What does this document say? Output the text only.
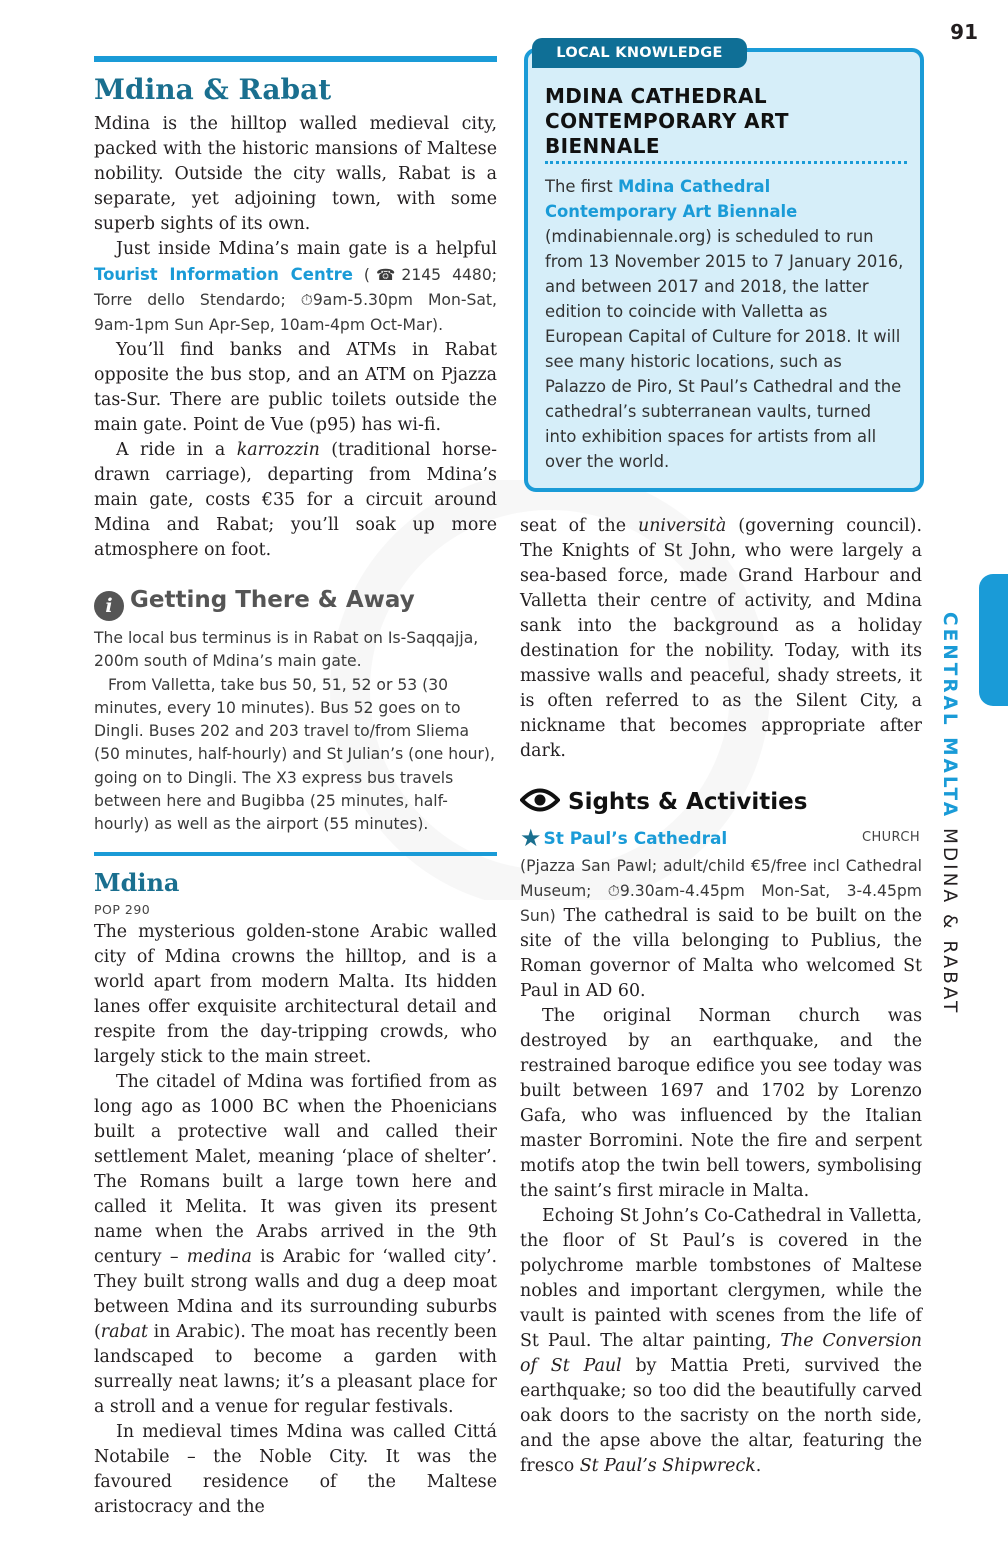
91
Mdina & Rabat

Mdina is the hilltop walled medieval city, packed with the historic mansions of Maltese nobility. Outside the city walls, Rabat is a separate, yet adjoining town, with some superb sights of its own.

Just inside Mdina’s main gate is a helpful Tourist Information Centre (☎2145 4480; Torre dello Stendardo; ⏱9am-5.30pm Mon-Sat, 9am-1pm Sun Apr-Sep, 10am-4pm Oct-Mar).

You’ll find banks and ATMs in Rabat opposite the bus stop, and an ATM on Pjazza tas-Sur. There are public toilets outside the main gate. Point de Vue (p95) has wi-fi.

A ride in a karrozzin (traditional horse-drawn carriage), departing from Mdina’s main gate, costs €35 for a circuit around Mdina and Rabat; you’ll soak up more atmosphere on foot.

i Getting There & Away

The local bus terminus is in Rabat on Is-Saqqajja, 200m south of Mdina’s main gate.

From Valletta, take bus 50, 51, 52 or 53 (30 minutes, every 10 minutes). Bus 52 goes on to Dingli. Buses 202 and 203 travel to/from Sliema (50 minutes, half-hourly) and St Julian’s (one hour), going on to Dingli. The X3 express bus travels between here and Bugibba (25 minutes, half-hourly) as well as the airport (55 minutes).

Mdina
POP 290

The mysterious golden-stone Arabic walled city of Mdina crowns the hilltop, and is a world apart from modern Malta. Its hidden lanes offer exquisite architectural detail and respite from the day-tripping crowds, who largely stick to the main street.

The citadel of Mdina was fortified from as long ago as 1000 BC when the Phoenicians built a protective wall and called their settlement Malet, meaning ‘place of shelter’. The Romans built a large town here and called it Melita. It was given its present name when the Arabs arrived in the 9th century – medina is Arabic for ‘walled city’. They built strong walls and dug a deep moat between Mdina and its surrounding suburbs (rabat in Arabic). The moat has recently been landscaped to become a garden with surreally neat lawns; it’s a pleasant place for a stroll and a venue for regular festivals.

In medieval times Mdina was called Cittá Notabile – the Noble City. It was the favoured residence of the Maltese aristocracy and the

LOCAL KNOWLEDGE
MDINA CATHEDRAL CONTEMPORARY ART BIENNALE
The first Mdina Cathedral Contemporary Art Biennale (mdinabiennale.org) is scheduled to run from 13 November 2015 to 7 January 2016, and between 2017 and 2018, the latter edition to coincide with Valletta as European Capital of Culture for 2018. It will see many historic locations, such as Palazzo de Piro, St Paul’s Cathedral and the cathedral’s subterranean vaults, turned into exhibition spaces for artists from all over the world.

seat of the università (governing council). The Knights of St John, who were largely a sea-based force, made Grand Harbour and Valletta their centre of activity, and Mdina sank into the background as a holiday destination for the nobility. Today, with its massive walls and peaceful, shady streets, it is often referred to as the Silent City, a nickname that becomes appropriate after dark.

Sights & Activities
★ St Paul’s Cathedral	CHURCH

(Pjazza San Pawl; adult/child €5/free incl Cathedral Museum; ⏱9.30am-4.45pm Mon-Sat, 3-4.45pm Sun) The cathedral is said to be built on the site of the villa belonging to Publius, the Roman governor of Malta who welcomed St Paul in AD 60.

The original Norman church was destroyed by an earthquake, and the restrained baroque edifice you see today was built between 1697 and 1702 by Lorenzo Gafa, who was influenced by the Italian master Borromini. Note the fire and serpent motifs atop the twin bell towers, symbolising the saint’s first miracle in Malta.

Echoing St John’s Co-Cathedral in Valletta, the floor of St Paul’s is covered in the polychrome marble tombstones of Maltese nobles and important clergymen, while the vault is painted with scenes from the life of St Paul. The altar painting, The Conversion of St Paul by Mattia Preti, survived the earthquake; so too did the beautifully carved oak doors to the sacristy on the north side, and the apse above the altar, featuring the fresco St Paul’s Shipwreck.

CENTRAL MALTA MDINA & RABAT
